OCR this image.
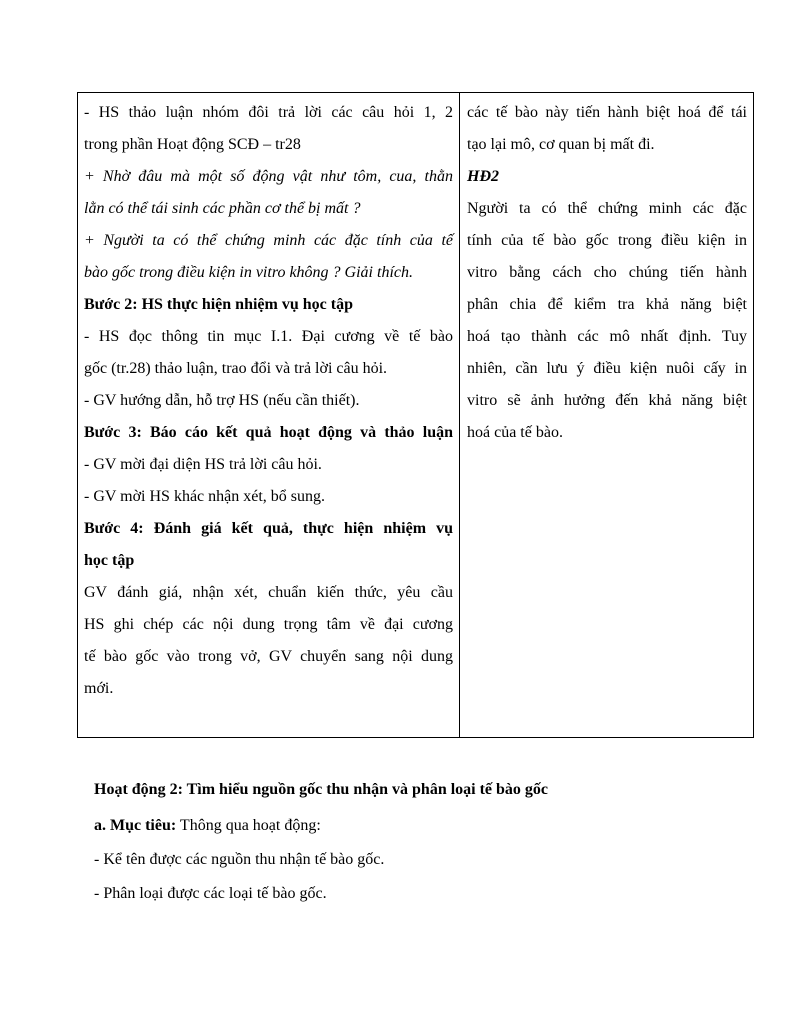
- HS thảo luận nhóm đôi trả lời các câu hỏi 1, 2
trong phần Hoạt động SCĐ – tr28
+ Nhờ đâu mà một số động vật như tôm, cua, thằn
lằn có thể tái sinh các phần cơ thể bị mất ?
+ Người ta có thể chứng minh các đặc tính của tế
bào gốc trong điều kiện in vitro không ? Giải thích.
Bước 2: HS thực hiện nhiệm vụ học tập
- HS đọc thông tin mục I.1. Đại cương về tế bào
gốc (tr.28) thảo luận, trao đổi và trả lời câu hỏi.
- GV hướng dẫn, hỗ trợ HS (nếu cần thiết).
Bước 3: Báo cáo kết quả hoạt động và thảo luận
- GV mời đại diện HS trả lời câu hỏi.
- GV mời HS khác nhận xét, bổ sung.
Bước 4: Đánh giá kết quả, thực hiện nhiệm vụ
học tập
GV đánh giá, nhận xét, chuẩn kiến thức, yêu cầu
HS ghi chép các nội dung trọng tâm về đại cương
tế bào gốc vào trong vở, GV chuyển sang nội dung
mới.
các tế bào này tiến hành biệt hoá để tái
tạo lại mô, cơ quan bị mất đi.
HĐ2
Người ta có thể chứng minh các đặc
tính của tế bào gốc trong điều kiện in
vitro bằng cách cho chúng tiến hành
phân chia để kiểm tra khả năng biệt
hoá tạo thành các mô nhất định. Tuy
nhiên, cần lưu ý điều kiện nuôi cấy in
vitro sẽ ảnh hưởng đến khả năng biệt
hoá của tế bào.
Hoạt động 2: Tìm hiểu nguồn gốc thu nhận và phân loại tế bào gốc
a. Mục tiêu: Thông qua hoạt động:
- Kể tên được các nguồn thu nhận tế bào gốc.
- Phân loại được các loại tế bào gốc.
